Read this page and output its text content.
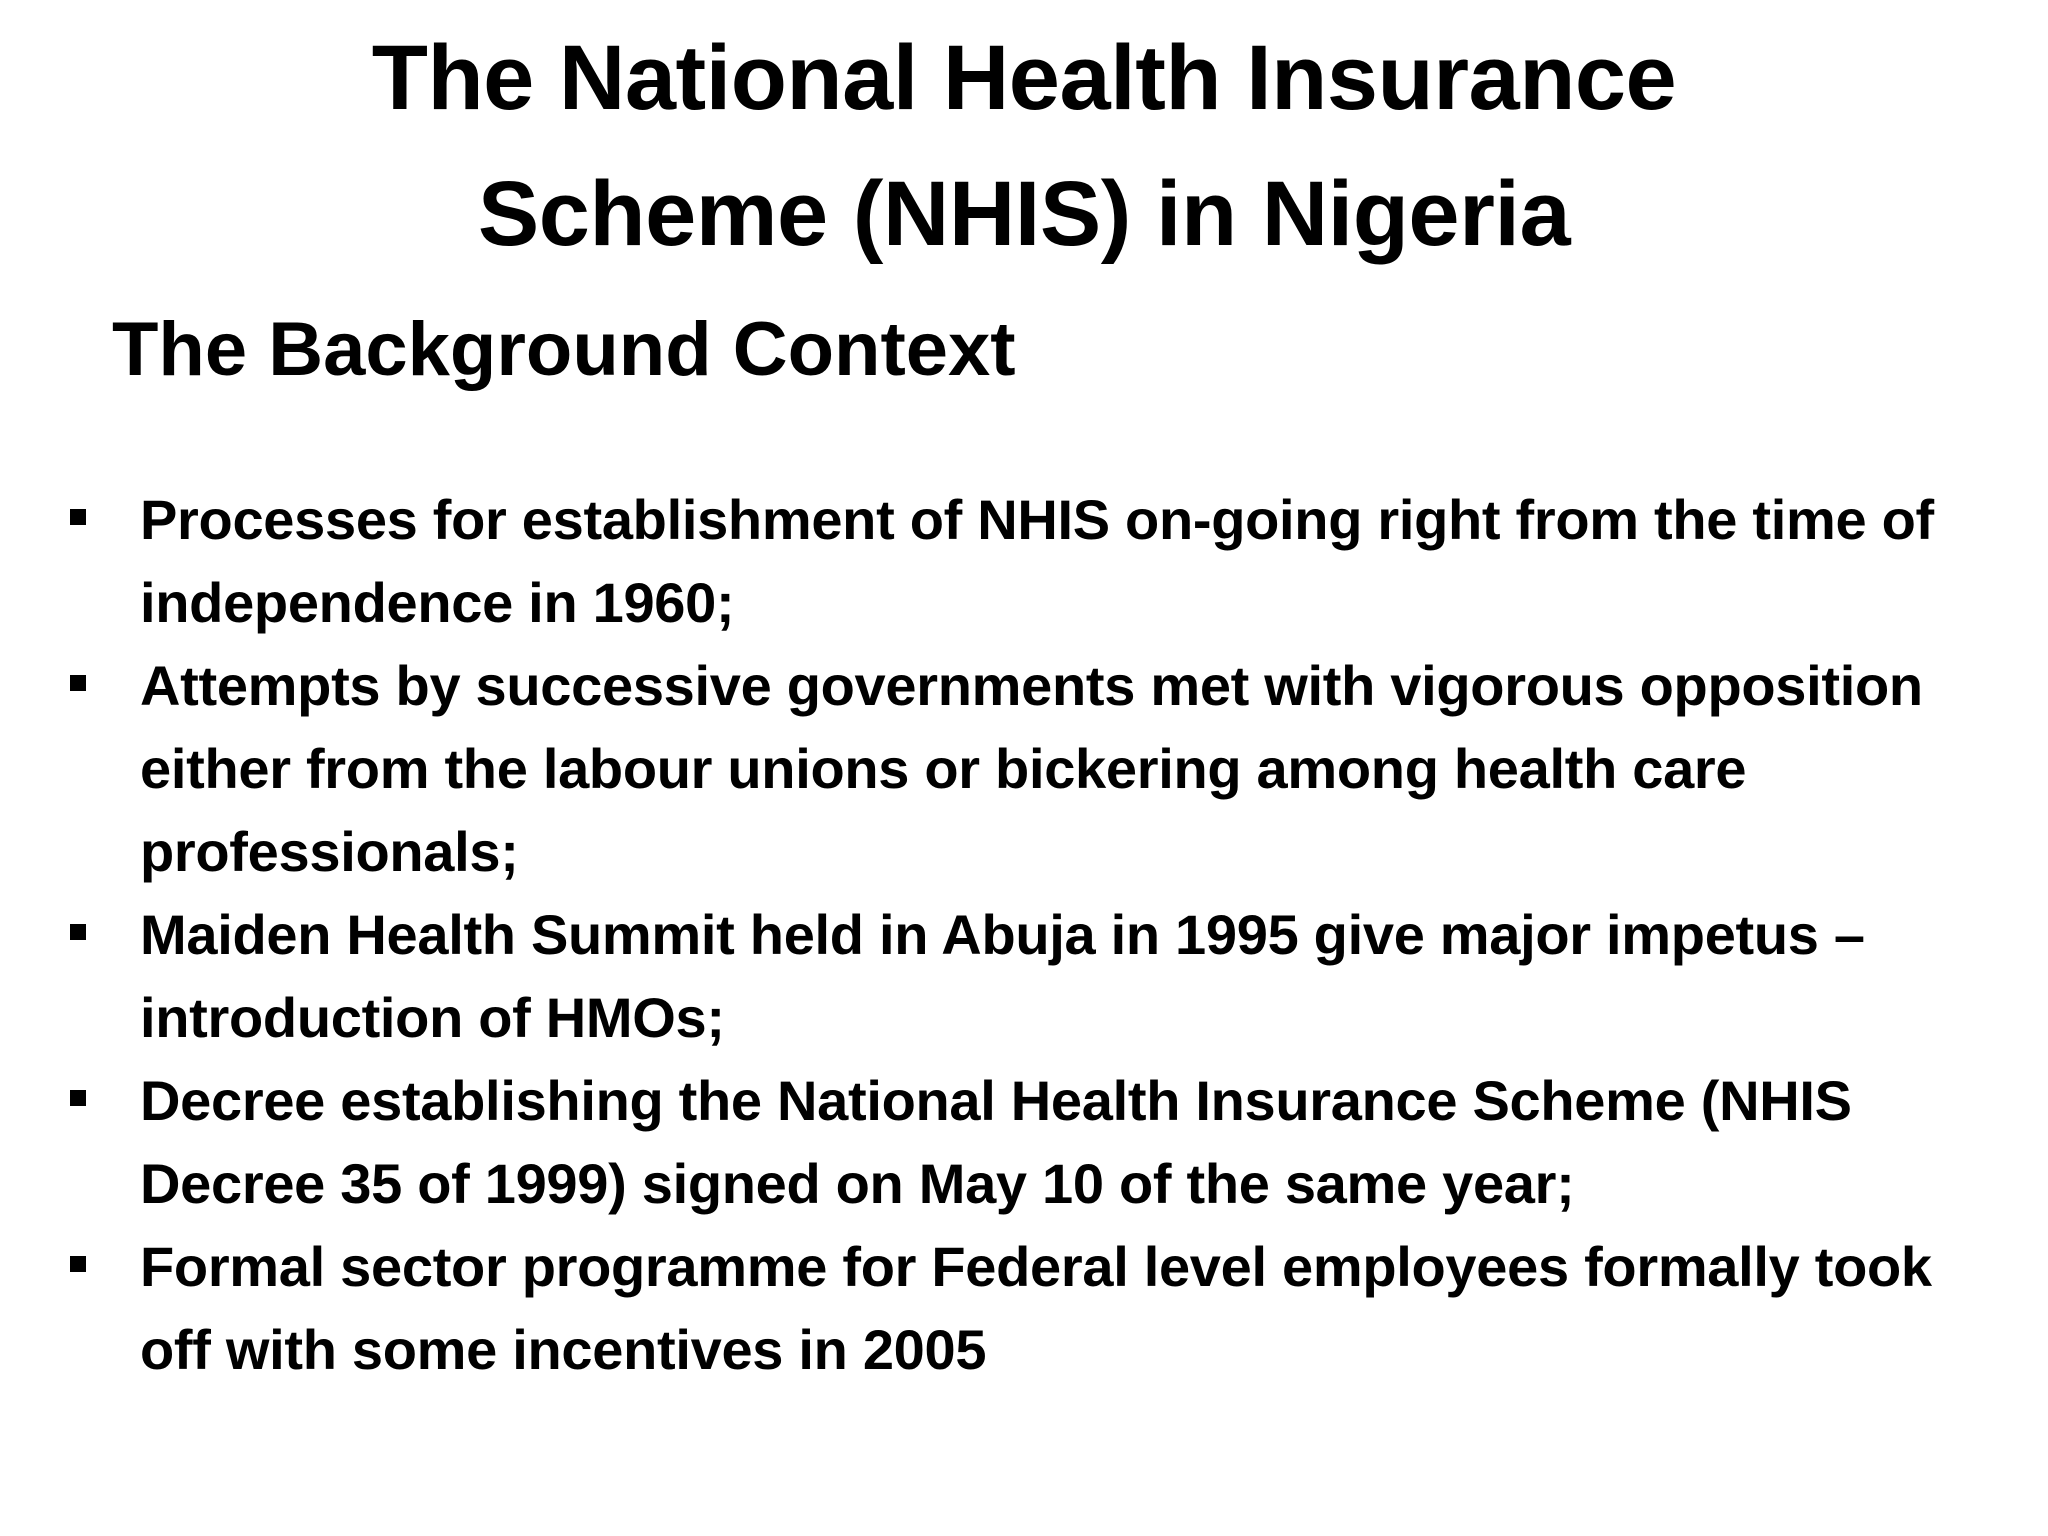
The National Health Insurance
Scheme (NHIS) in Nigeria
The Background Context
Processes for establishment of NHIS on-going right from the time of independence in 1960;
Attempts by successive governments met with vigorous opposition either from the labour unions or bickering among health care professionals;
Maiden Health Summit held in Abuja in 1995 give major impetus – introduction of HMOs;
Decree establishing the National Health Insurance Scheme (NHIS Decree 35 of 1999) signed on May 10 of the same year;
Formal sector programme for Federal level employees formally took off with some incentives in 2005
